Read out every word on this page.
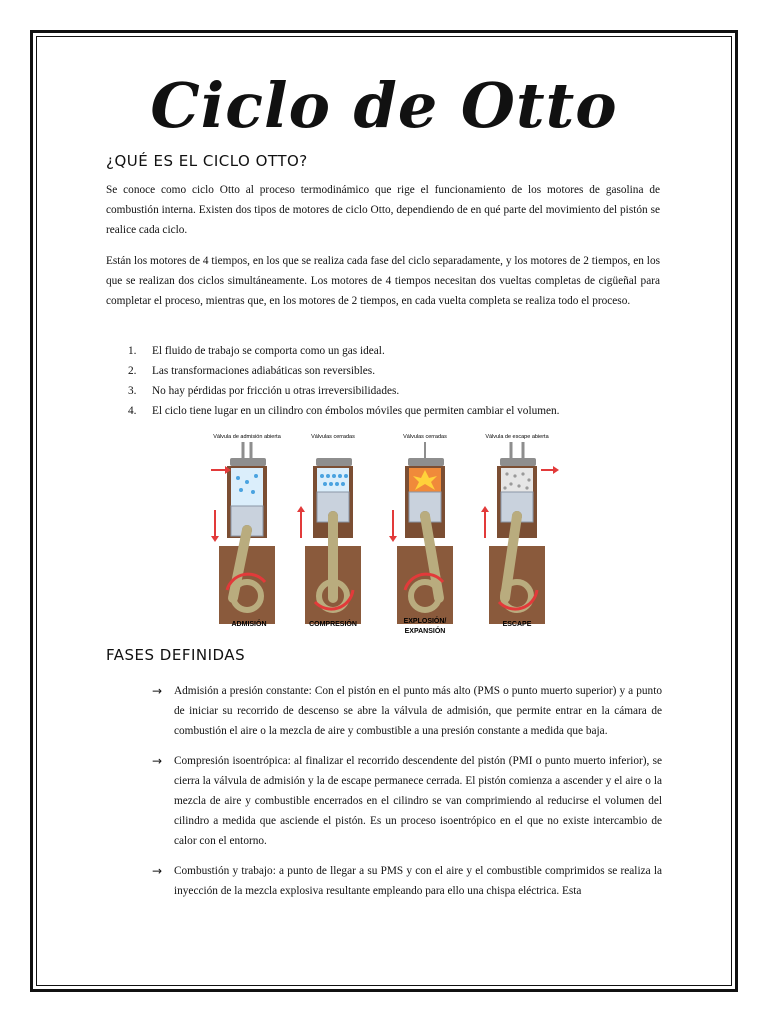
Ciclo de Otto
¿QUÉ ES EL CICLO OTTO?

Se conoce como ciclo Otto al proceso termodinámico que rige el funcionamiento de los motores de gasolina de combustión interna. Existen dos tipos de motores de ciclo Otto, dependiendo de en qué parte del movimiento del pistón se realice cada ciclo.

Están los motores de 4 tiempos, en los que se realiza cada fase del ciclo separadamente, y los motores de 2 tiempos, en los que se realizan dos ciclos simultáneamente. Los motores de 4 tiempos necesitan dos vueltas completas de cigüeñal para completar el proceso, mientras que, en los motores de 2 tiempos, en cada vuelta completa se realiza todo el proceso.

1.	El fluido de trabajo se comporta como un gas ideal.
2.	Las transformaciones adiabáticas son reversibles.
3.	No hay pérdidas por fricción u otras irreversibilidades.
4.	El ciclo tiene lugar en un cilindro con émbolos móviles que permiten cambiar el volumen.
Válvula de admisión abierta
ADMISIÓN
Válvulas cerradas
COMPRESIÓN
Válvulas cerradas
EXPLOSIÓN/
EXPANSIÓN
Válvula de escape abierta
ESCAPE
FASES DEFINIDAS
→ Admisión a presión constante: Con el pistón en el punto más alto (PMS o punto muerto superior) y a punto de iniciar su recorrido de descenso se abre la válvula de admisión, que permite entrar en la cámara de combustión el aire o la mezcla de aire y combustible a una presión constante a medida que baja.
→ Compresión isoentrópica: al finalizar el recorrido descendente del pistón (PMI o punto muerto inferior), se cierra la válvula de admisión y la de escape permanece cerrada. El pistón comienza a ascender y el aire o la mezcla de aire y combustible encerrados en el cilindro se van comprimiendo al reducirse el volumen del cilindro a medida que asciende el pistón. Es un proceso isoentrópico en el que no existe intercambio de calor con el entorno.
→ Combustión y trabajo: a punto de llegar a su PMS y con el aire y el combustible comprimidos se realiza la inyección de la mezcla explosiva resultante empleando para ello una chispa eléctrica. Esta
